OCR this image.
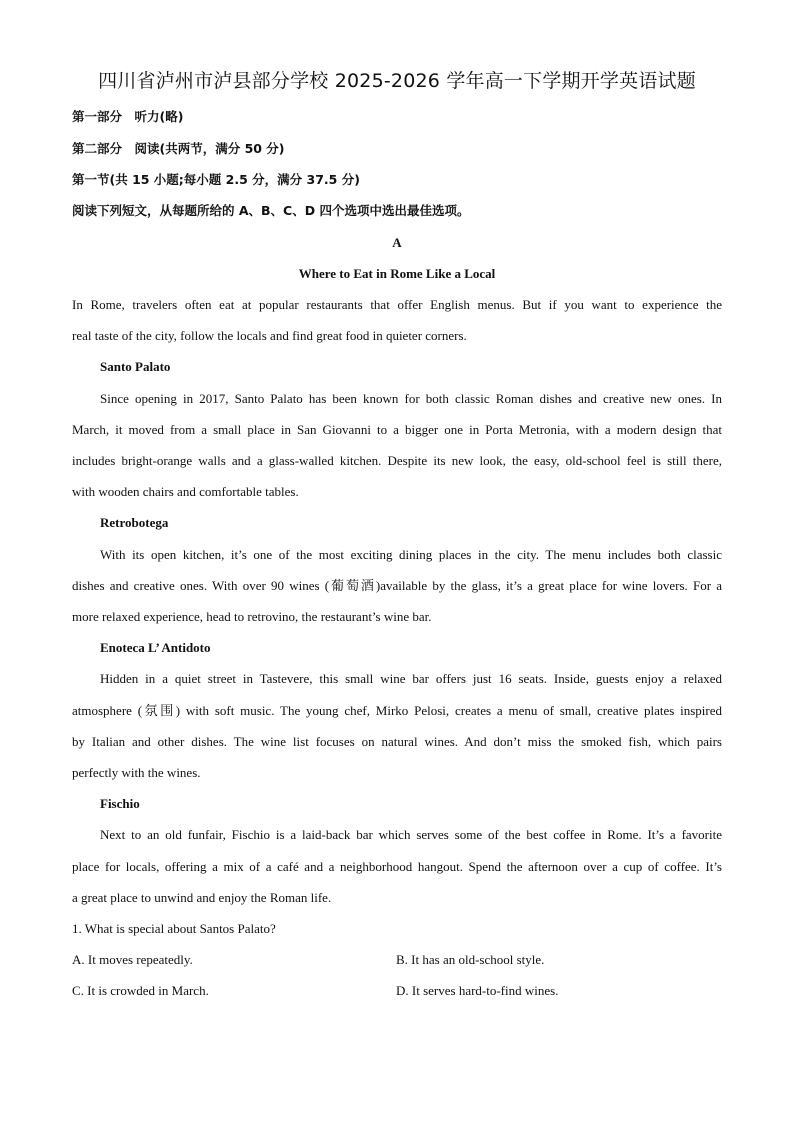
四川省泸州市泸县部分学校 2025-2026 学年高一下学期开学英语试题
第一部分　听力(略)
第二部分　阅读(共两节，满分 50 分)
第一节(共 15 小题;每小题 2.5 分，满分 37.5 分)
阅读下列短文，从每题所给的 A、B、C、D 四个选项中选出最佳选项。
A
Where to Eat in Rome Like a Local
In Rome, travelers often eat at popular restaurants that offer English menus. But if you want to experience the
real taste of the city, follow the locals and find great food in quieter corners.
Santo Palato
Since opening in 2017, Santo Palato has been known for both classic Roman dishes and creative new ones. In
March, it moved from a small place in San Giovanni to a bigger one in Porta Metronia, with a modern design that
includes bright-orange walls and a glass-walled kitchen. Despite its new look, the easy, old-school feel is still there,
with wooden chairs and comfortable tables.
Retrobotega
With its open kitchen, it’s one of the most exciting dining places in the city. The menu includes both classic
dishes and creative ones. With over 90 wines (葡萄酒)available by the glass, it’s a great place for wine lovers. For a
more relaxed experience, head to retrovino, the restaurant’s wine bar.
Enoteca L’ Antidoto
Hidden in a quiet street in Tastevere, this small wine bar offers just 16 seats. Inside, guests enjoy a relaxed
atmosphere (氛围) with soft music. The young chef, Mirko Pelosi, creates a menu of small, creative plates inspired
by Italian and other dishes. The wine list focuses on natural wines. And don’t miss the smoked fish, which pairs
perfectly with the wines.
Fischio
Next to an old funfair, Fischio is a laid-back bar which serves some of the best coffee in Rome. It’s a favorite
place for locals, offering a mix of a café and a neighborhood hangout. Spend the afternoon over a cup of coffee. It’s
a great place to unwind and enjoy the Roman life.
1. What is special about Santos Palato?
A. It moves repeatedly.	B. It has an old-school style.
C. It is crowded in March.	D. It serves hard-to-find wines.
